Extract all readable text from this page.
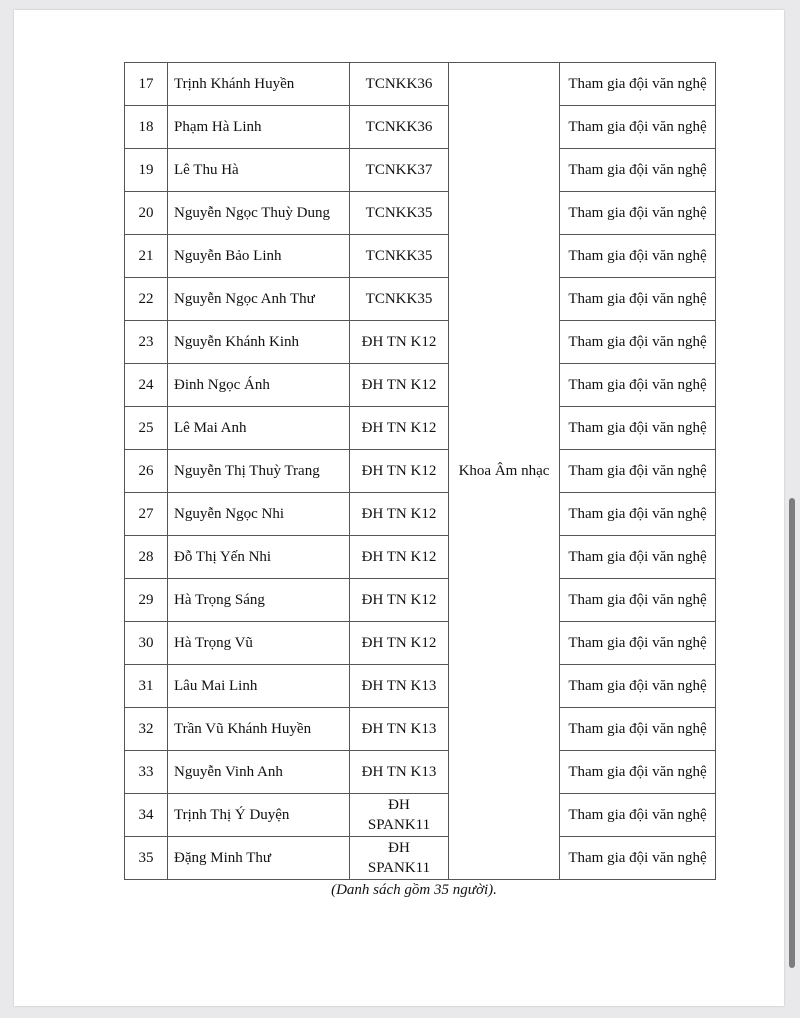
17	Trịnh Khánh Huyền	TCNKK36	Khoa Âm nhạc	Tham gia đội văn nghệ
18	Phạm Hà Linh	TCNKK36		Tham gia đội văn nghệ
19	Lê Thu Hà	TCNKK37		Tham gia đội văn nghệ
20	Nguyễn Ngọc Thuỳ Dung	TCNKK35		Tham gia đội văn nghệ
21	Nguyễn Bảo Linh	TCNKK35		Tham gia đội văn nghệ
22	Nguyễn Ngọc Anh Thư	TCNKK35		Tham gia đội văn nghệ
23	Nguyễn Khánh Kinh	ĐH TN K12		Tham gia đội văn nghệ
24	Đinh Ngọc Ánh	ĐH TN K12		Tham gia đội văn nghệ
25	Lê Mai Anh	ĐH TN K12		Tham gia đội văn nghệ
26	Nguyễn Thị Thuỳ Trang	ĐH TN K12		Tham gia đội văn nghệ
27	Nguyễn Ngọc Nhi	ĐH TN K12		Tham gia đội văn nghệ
28	Đỗ Thị Yến Nhi	ĐH TN K12		Tham gia đội văn nghệ
29	Hà Trọng Sáng	ĐH TN K12		Tham gia đội văn nghệ
30	Hà Trọng Vũ	ĐH TN K12		Tham gia đội văn nghệ
31	Lâu Mai Linh	ĐH TN K13		Tham gia đội văn nghệ
32	Trần Vũ Khánh Huyền	ĐH TN K13		Tham gia đội văn nghệ
33	Nguyễn Vinh Anh	ĐH TN K13		Tham gia đội văn nghệ
34	Trịnh Thị Ý Duyện	ĐH
SPANK11		Tham gia đội văn nghệ
35	Đặng Minh Thư	ĐH
SPANK11		Tham gia đội văn nghệ
(Danh sách gồm 35 người).
